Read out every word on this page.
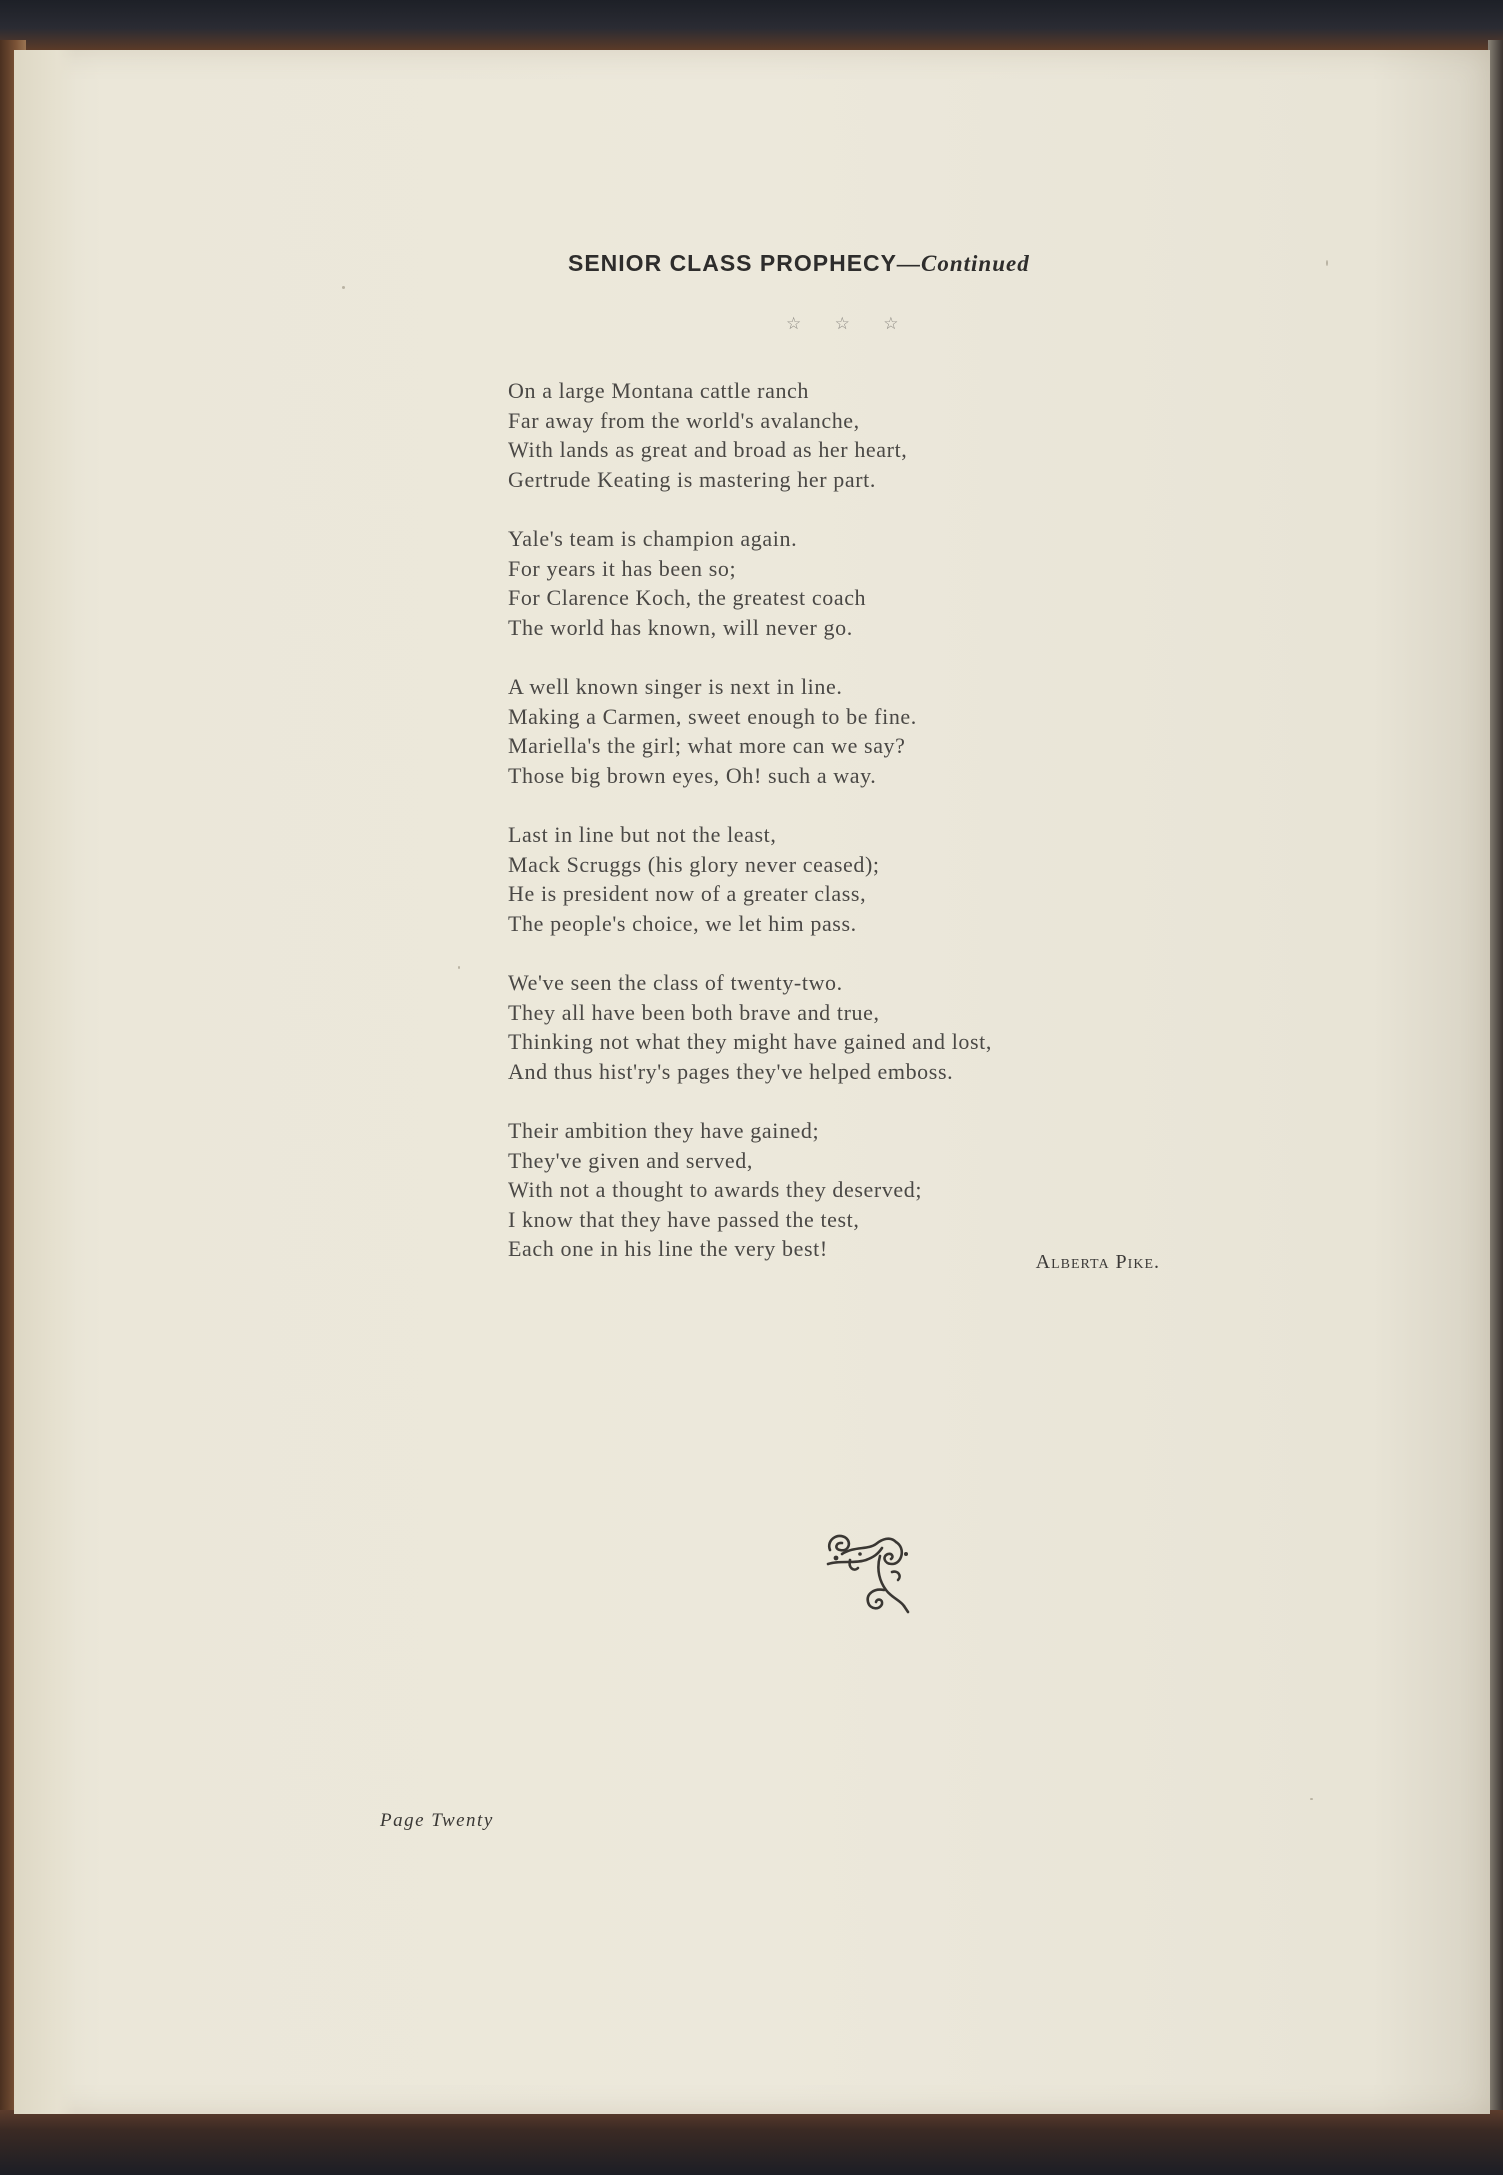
SENIOR CLASS PROPHECY—Continued
☆ ☆ ☆
On a large Montana cattle ranch
Far away from the world's avalanche,
With lands as great and broad as her heart,
Gertrude Keating is mastering her part.
Yale's team is champion again.
For years it has been so;
For Clarence Koch, the greatest coach
The world has known, will never go.
A well known singer is next in line.
Making a Carmen, sweet enough to be fine.
Mariella's the girl; what more can we say?
Those big brown eyes, Oh! such a way.
Last in line but not the least,
Mack Scruggs (his glory never ceased);
He is president now of a greater class,
The people's choice, we let him pass.
We've seen the class of twenty-two.
They all have been both brave and true,
Thinking not what they might have gained and lost,
And thus hist'ry's pages they've helped emboss.
Their ambition they have gained;
They've given and served,
With not a thought to awards they deserved;
I know that they have passed the test,
Each one in his line the very best!
Alberta Pike.
Page Twenty
